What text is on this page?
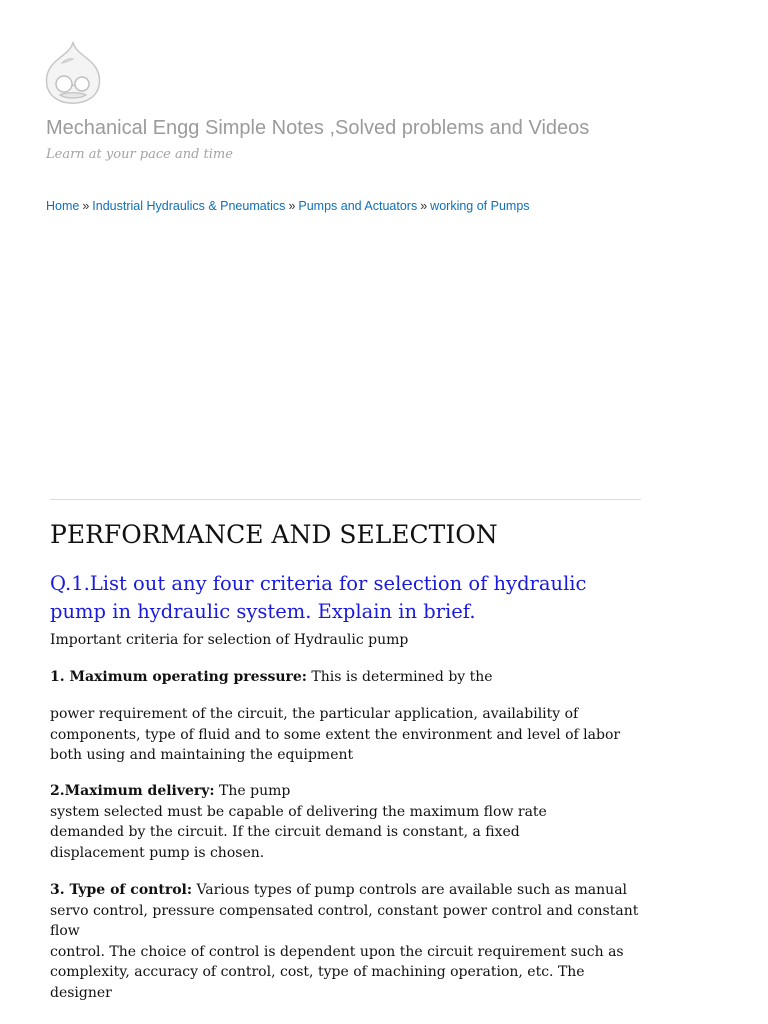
Mechanical Engg Simple Notes ,Solved problems and Videos
Learn at your pace and time
Home » Industrial Hydraulics & Pneumatics » Pumps and Actuators » working of Pumps
PERFORMANCE AND SELECTION
Q.1.List out any four criteria for selection of hydraulic
pump in hydraulic system. Explain in brief.

Important criteria for selection of Hydraulic pump

1. Maximum operating pressure: This is determined by the

power requirement of the circuit, the particular application, availability of
components, type of fluid and to some extent the environment and level of labor
both using and maintaining the equipment

2.Maximum delivery: The pump
system selected must be capable of delivering the maximum flow rate
demanded by the circuit. If the circuit demand is constant, a fixed
displacement pump is chosen.

3. Type of control: Various types of pump controls are available such as manual
servo control, pressure compensated control, constant power control and constant
flow
control. The choice of control is dependent upon the circuit requirement such as
complexity, accuracy of control, cost, type of machining operation, etc. The designer
